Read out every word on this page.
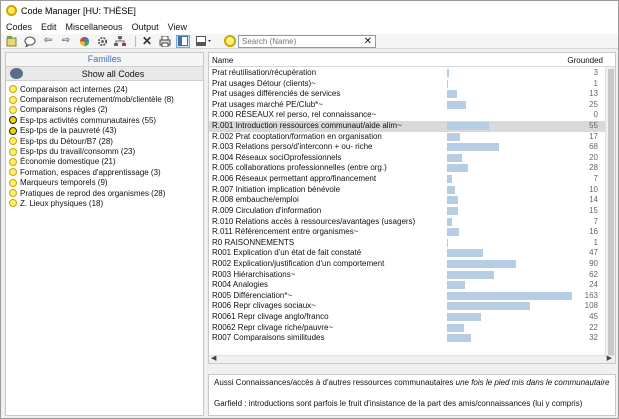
Code Manager [HU: THÈSE]
Codes Edit Miscellaneous Output View
⇦ ⇨	✕
Search (Name)	✕
Familles
Show all Codes
Comparaison act internes (24)
Comparaison recrutement/mob/clientèle (8)
Comparaisons règles (2)
Esp-tps activités communautaires (55)
Esp-tps de la pauvreté (43)
Esp-tps du Détour/B7 (28)
Esp-tps du travail/consomm (23)
Économie domestique (21)
Formation, espaces d'apprentissage (3)
Marqueurs temporels (9)
Pratiques de reprod des organismes (28)
Z. Lieux physiques (18)
Name	Grounded
Prat réutilisation/récupération	3
Prat usages Détour (clients)~	1
Prat usages différenciés de services	13
Prat usages marché PE/Club*~	25
R.000 RÉSEAUX rel perso, rel connaissance~	0
R.001 Introduction ressources communaut/aide alim~	55
R.002 Prat cooptation/formation en organisation	17
R.003 Relations perso/d'interconn + ou- riche	68
R.004 Réseaux sociOprofessionnels	20
R.005 collaborations professionnelles (entre org.)	28
R.006 Réseaux permettant appro/financement	7
R.007 Initiation implication bénévole	10
R.008 embauche/emploi	14
R.009 Circulation d'information	15
R.010 Relations accès à ressources/avantages (usagers)	7
R.011 Référencement entre organismes~	16
R0 RAISONNEMENTS	1
R001 Explication d'un état de fait constaté	47
R002 Explication/justification d'un comportement	90
R003 Hiérarchisations~	62
R004 Analogies	24
R005 Différenciation*~	163
R006 Repr clivages sociaux~	108
R0061 Repr clivage anglo/franco	45
R0062 Repr clivage riche/pauvre~	22
R007 Comparaisons similitudes	32
◀	▶
Aussi Connaissances/accès à d'autres ressources communautaires une fois le pied mis dans le communautaire
Garfield : introductions sont parfois le fruit d'insistance de la part des amis/connaissances (lui y compris)
